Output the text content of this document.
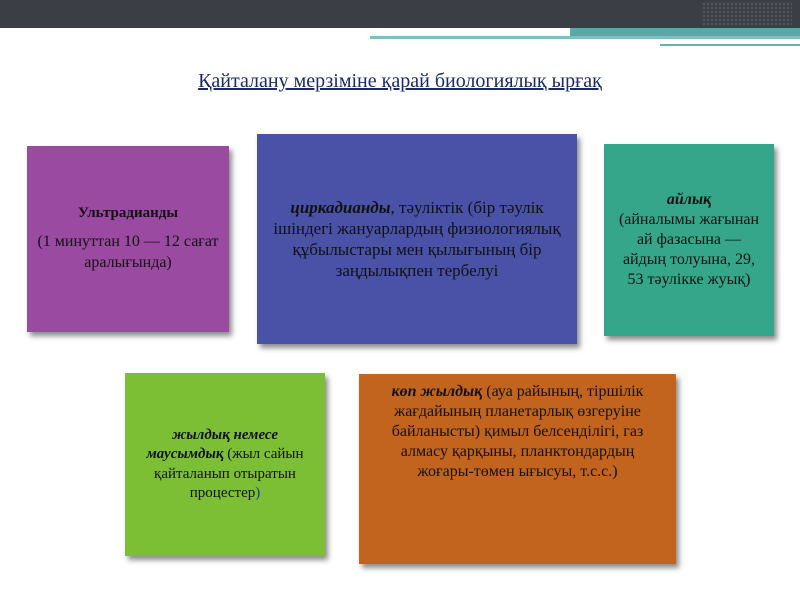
Қайталану мерзіміне қарай биологиялық ырғақ
Ультрадианды
(1 минуттан 10 — 12 сағат аралығында)
циркадианды, тәуліктік (бір тәулік ішіндегі жануарлардың физиологиялық құбылыстары мен қылығының бір заңдылықпен тербелуі
айлық
(айналымы жағынан ай фазасына — айдың толуына, 29, 53 тәулікке жуық)
жылдық немесе маусымдық (жыл сайын қайталанып отыратын процестер)
көп жылдық (ауа райының, тіршілік жағдайының планетарлық өзгеруіне байланысты) қимыл белсенділігі, газ алмасу қарқыны, планктондардың жоғары-төмен ығысуы, т.с.с.)
